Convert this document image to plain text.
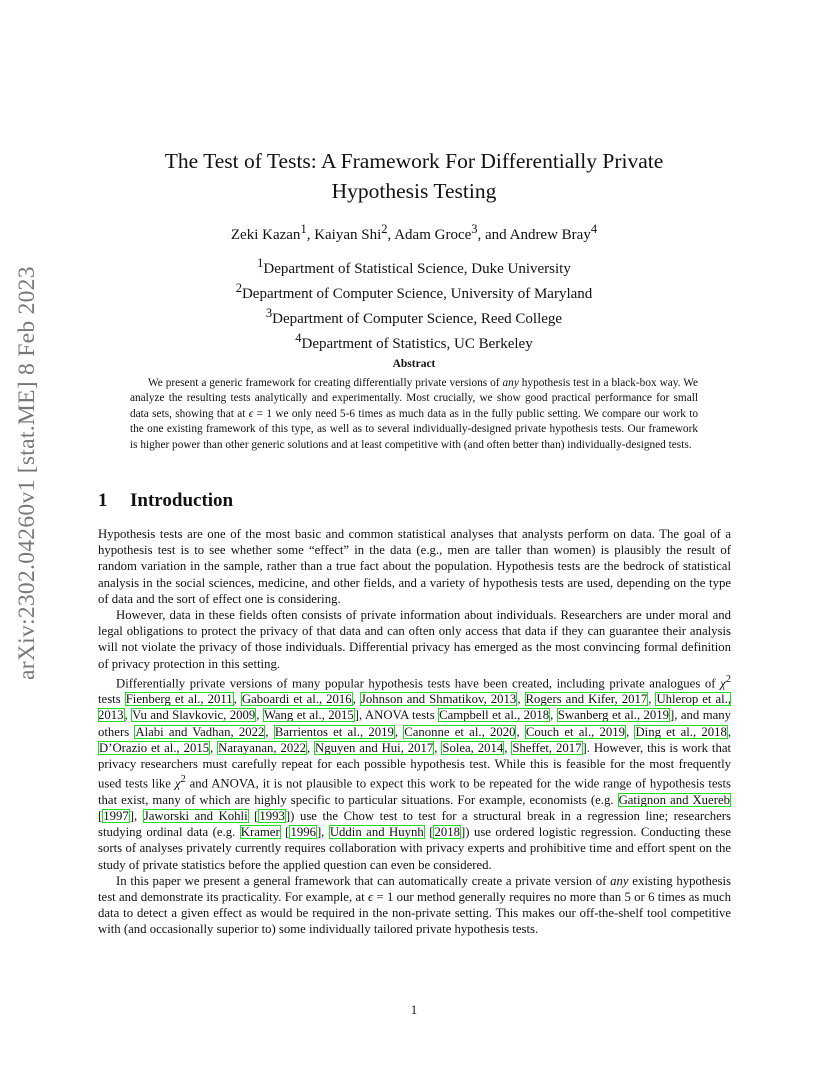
arXiv:2302.04260v1 [stat.ME] 8 Feb 2023
The Test of Tests: A Framework For Differentially Private
Hypothesis Testing
Zeki Kazan$^1$, Kaiyan Shi$^2$, Adam Groce$^3$, and Andrew Bray$^4$
$^1$Department of Statistical Science, Duke University
$^2$Department of Computer Science, University of Maryland
$^3$Department of Computer Science, Reed College
$^4$Department of Statistics, UC Berkeley
Abstract

We present a generic framework for creating differentially private versions of any hypothesis test in a black-box way. We analyze the resulting tests analytically and experimentally. Most crucially, we show good practical performance for small data sets, showing that at ϵ = 1 we only need 5-6 times as much data as in the fully public setting. We compare our work to the one existing framework of this type, as well as to several individually-designed private hypothesis tests. Our framework is higher power than other generic solutions and at least competitive with (and often better than) individually-designed tests.

1 Introduction

Hypothesis tests are one of the most basic and common statistical analyses that analysts perform on data. The goal of a hypothesis test is to see whether some “effect” in the data (e.g., men are taller than women) is plausibly the result of random variation in the sample, rather than a true fact about the population. Hypothesis tests are the bedrock of statistical analysis in the social sciences, medicine, and other fields, and a variety of hypothesis tests are used, depending on the type of data and the sort of effect one is considering.

However, data in these fields often consists of private information about individuals. Researchers are under moral and legal obligations to protect the privacy of that data and can often only access that data if they can guarantee their analysis will not violate the privacy of those individuals. Differential privacy has emerged as the most convincing formal definition of privacy protection in this setting.

Differentially private versions of many popular hypothesis tests have been created, including private analogues of $\chi^2$ tests Fienberg et al., 2011, Gaboardi et al., 2016, Johnson and Shmatikov, 2013, Rogers and Kifer, 2017, Uhlerop et al., 2013, Vu and Slavkovic, 2009, Wang et al., 2015], ANOVA tests Campbell et al., 2018, Swanberg et al., 2019], and many others Alabi and Vadhan, 2022, Barrientos et al., 2019, Canonne et al., 2020, Couch et al., 2019, Ding et al., 2018, D’Orazio et al., 2015, Narayanan, 2022, Nguyen and Hui, 2017, Solea, 2014, Sheffet, 2017]. However, this is work that privacy researchers must carefully repeat for each possible hypothesis test. While this is feasible for the most frequently used tests like $\chi^2$ and ANOVA, it is not plausible to expect this work to be repeated for the wide range of hypothesis tests that exist, many of which are highly specific to particular situations. For example, economists (e.g. Gatignon and Xuereb [1997], Jaworski and Kohli [1993]) use the Chow test to test for a structural break in a regression line; researchers studying ordinal data (e.g. Kramer [1996], Uddin and Huynh [2018]) use ordered logistic regression. Conducting these sorts of analyses privately currently requires collaboration with privacy experts and prohibitive time and effort spent on the study of private statistics before the applied question can even be considered.

In this paper we present a general framework that can automatically create a private version of any existing hypothesis test and demonstrate its practicality. For example, at ϵ = 1 our method generally requires no more than 5 or 6 times as much data to detect a given effect as would be required in the non-private setting. This makes our off-the-shelf tool competitive with (and occasionally superior to) some individually tailored private hypothesis tests.

1
